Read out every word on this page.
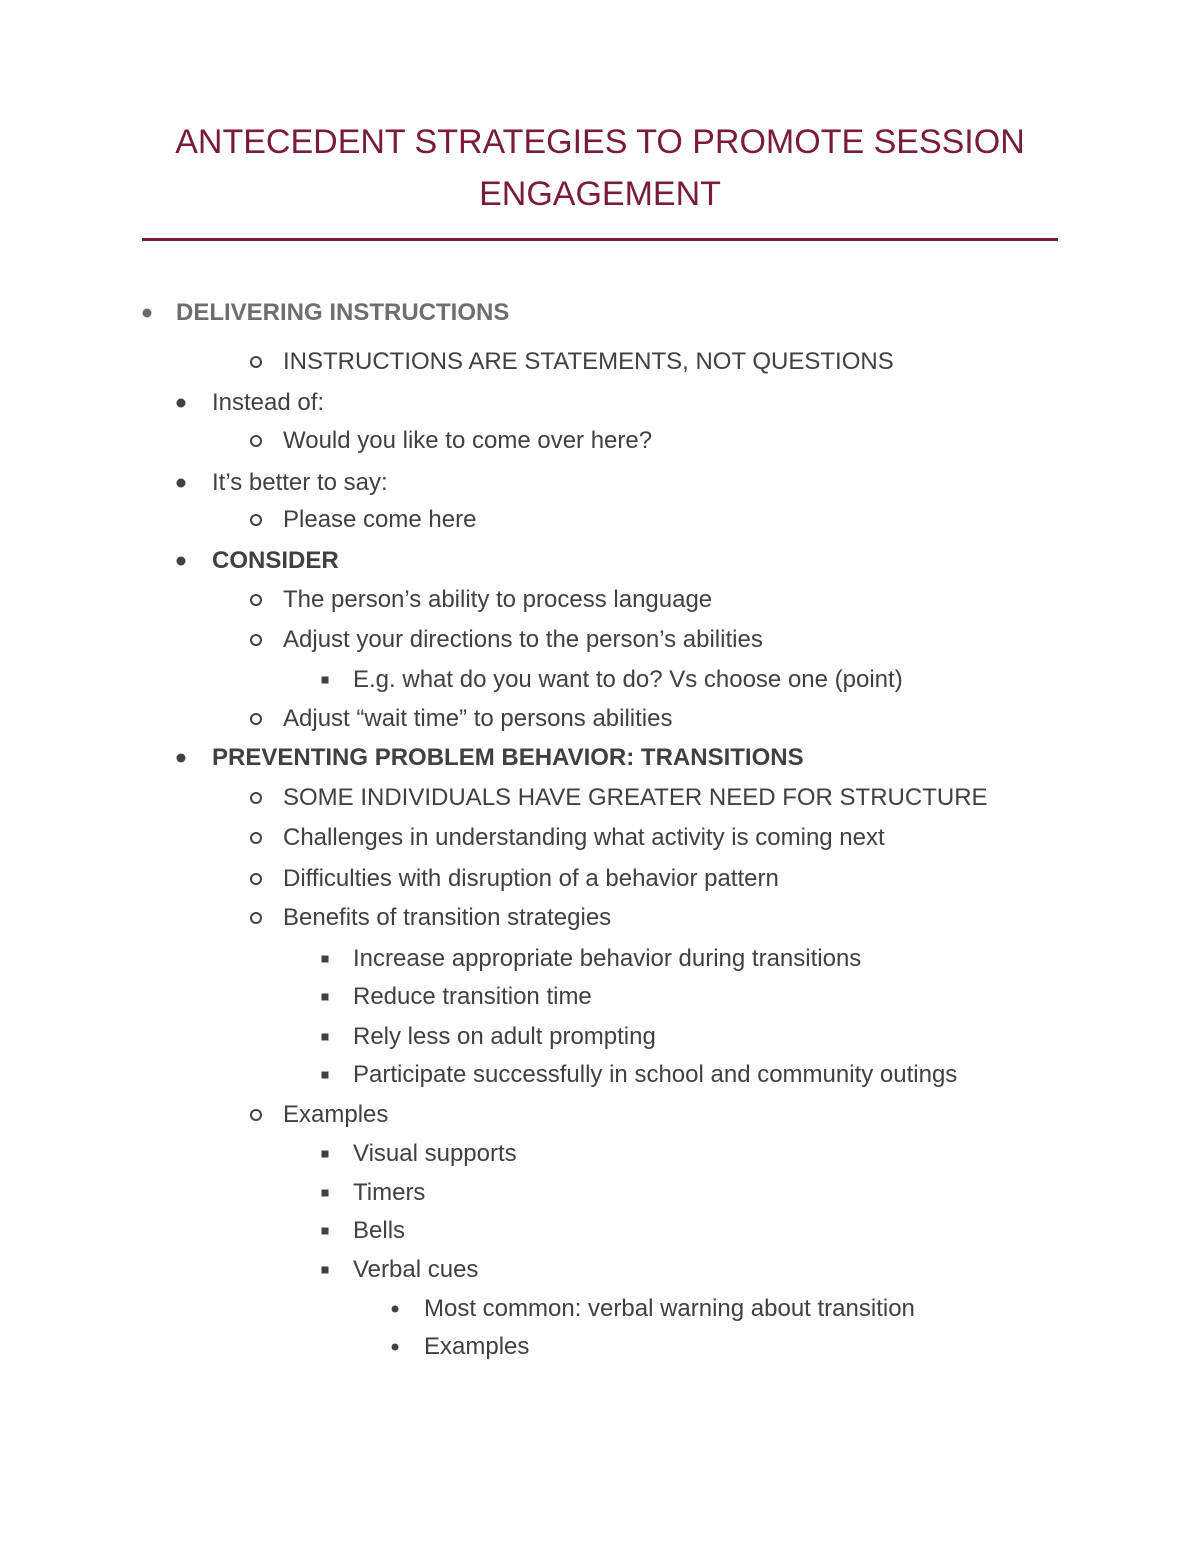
ANTECEDENT STRATEGIES TO PROMOTE SESSION
ENGAGEMENT
DELIVERING INSTRUCTIONS
INSTRUCTIONS ARE STATEMENTS, NOT QUESTIONS
Instead of:
Would you like to come over here?
It’s better to say:
Please come here
CONSIDER
The person’s ability to process language
Adjust your directions to the person’s abilities
E.g. what do you want to do? Vs choose one (point)
Adjust “wait time” to persons abilities
PREVENTING PROBLEM BEHAVIOR: TRANSITIONS
SOME INDIVIDUALS HAVE GREATER NEED FOR STRUCTURE
Challenges in understanding what activity is coming next
Difficulties with disruption of a behavior pattern
Benefits of transition strategies
Increase appropriate behavior during transitions
Reduce transition time
Rely less on adult prompting
Participate successfully in school and community outings
Examples
Visual supports
Timers
Bells
Verbal cues
Most common: verbal warning about transition
Examples
